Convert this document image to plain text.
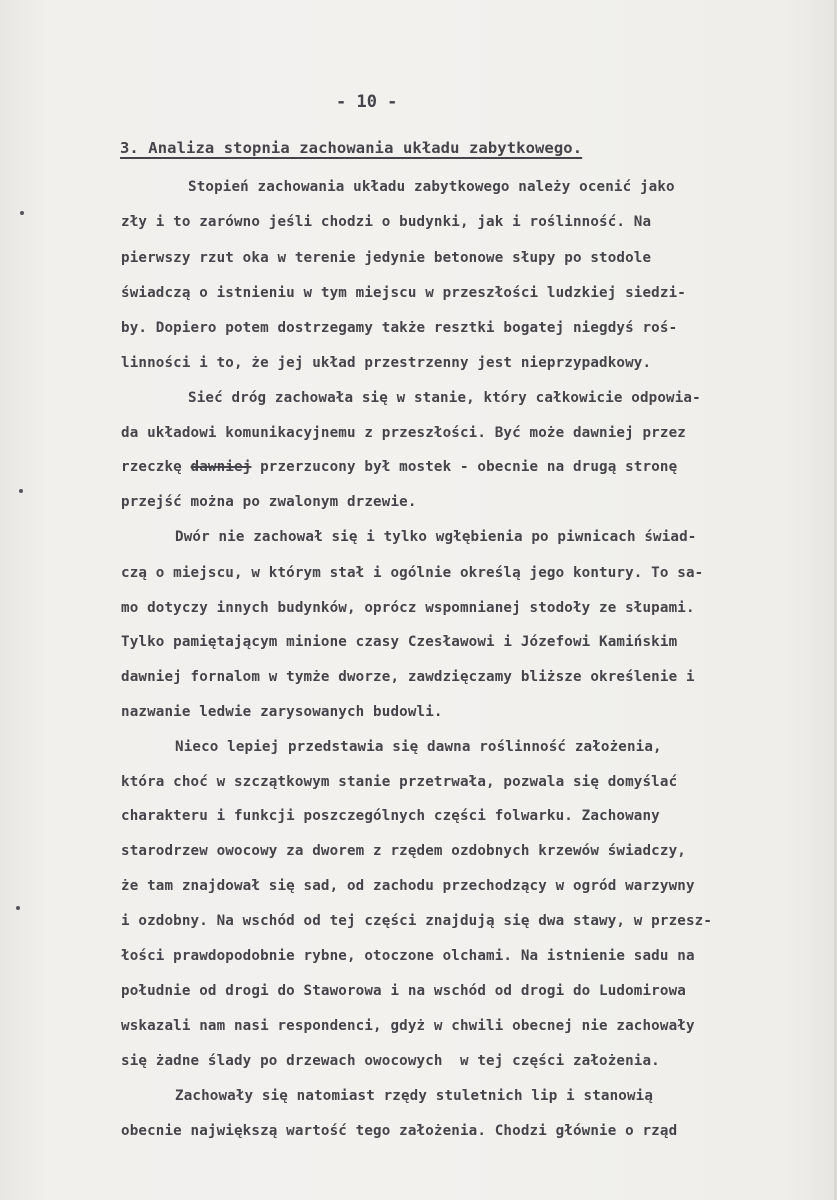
- 10 -
3. Analiza stopnia zachowania układu zabytkowego.
Stopień zachowania układu zabytkowego należy ocenić jako
zły i to zarówno jeśli chodzi o budynki, jak i roślinność. Na
pierwszy rzut oka w terenie jedynie betonowe słupy po stodole
świadczą o istnieniu w tym miejscu w przeszłości ludzkiej siedzi-
by. Dopiero potem dostrzegamy także resztki bogatej niegdyś roś-
linności i to, że jej układ przestrzenny jest nieprzypadkowy.
Sieć dróg zachowała się w stanie, który całkowicie odpowia-
da układowi komunikacyjnemu z przeszłości. Być może dawniej przez
rzeczkę dawniej przerzucony był mostek - obecnie na drugą stronę
przejść można po zwalonym drzewie.
Dwór nie zachował się i tylko wgłębienia po piwnicach świad-
czą o miejscu, w którym stał i ogólnie określą jego kontury. To sa-
mo dotyczy innych budynków, oprócz wspomnianej stodoły ze słupami.
Tylko pamiętającym minione czasy Czesławowi i Józefowi Kamińskim
dawniej fornalom w tymże dworze, zawdzięczamy bliższe określenie i
nazwanie ledwie zarysowanych budowli.
Nieco lepiej przedstawia się dawna roślinność założenia,
która choć w szczątkowym stanie przetrwała, pozwala się domyślać
charakteru i funkcji poszczególnych części folwarku. Zachowany
starodrzew owocowy za dworem z rzędem ozdobnych krzewów świadczy,
że tam znajdował się sad, od zachodu przechodzący w ogród warzywny
i ozdobny. Na wschód od tej części znajdują się dwa stawy, w przesz-
łości prawdopodobnie rybne, otoczone olchami. Na istnienie sadu na
południe od drogi do Staworowa i na wschód od drogi do Ludomirowa
wskazali nam nasi respondenci, gdyż w chwili obecnej nie zachowały
się żadne ślady po drzewach owocowych  w tej części założenia.
Zachowały się natomiast rzędy stuletnich lip i stanowią
obecnie największą wartość tego założenia. Chodzi głównie o rząd
